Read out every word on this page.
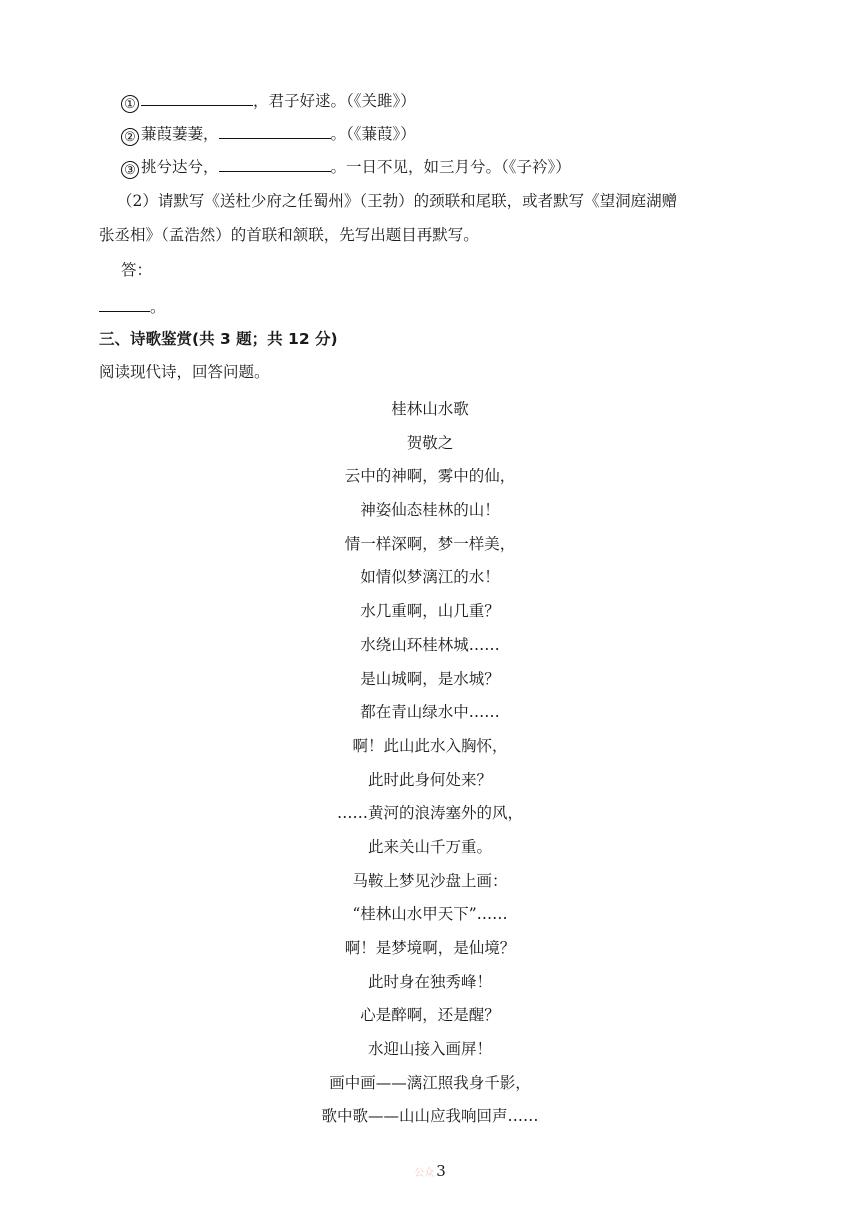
①	，君子好逑。（《关雎》）
② 蒹葭萋萋，	。（《蒹葭》）
③ 挑兮达兮，	。一日不见，如三月兮。（《子衿》）
（2）请默写《送杜少府之任蜀州》（王勃）的颈联和尾联，或者默写《望洞庭湖赠
张丞相》（孟浩然）的首联和颔联，先写出题目再默写。
答：
。
三、诗歌鉴赏(共 3 题；共 12 分)
阅读现代诗，回答问题。
桂林山水歌
贺敬之
云中的神啊，雾中的仙，
神姿仙态桂林的山！
情一样深啊，梦一样美，
如情似梦漓江的水！
水几重啊，山几重？
水绕山环桂林城……
是山城啊，是水城？
都在青山绿水中……
啊！此山此水入胸怀，
此时此身何处来？
……黄河的浪涛塞外的风，
此来关山千万重。
马鞍上梦见沙盘上画：
“桂林山水甲天下”……
啊！是梦境啊，是仙境？
此时身在独秀峰！
心是醉啊，还是醒？
水迎山接入画屏！
画中画——漓江照我身千影，
歌中歌——山山应我响回声……
公众 3
